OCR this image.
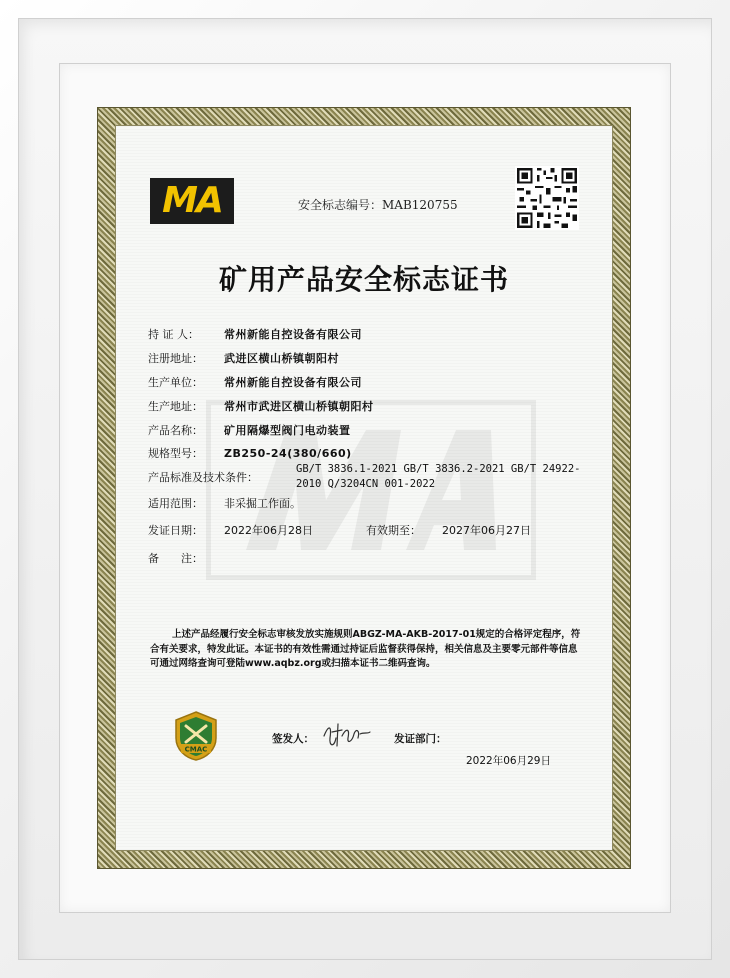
MA	安全标志编号：MAB120755
矿用产品安全标志证书
持 证 人： 常州新能自控设备有限公司
注册地址： 武进区横山桥镇朝阳村
生产单位： 常州新能自控设备有限公司
生产地址： 常州市武进区横山桥镇朝阳村
产品名称： 矿用隔爆型阀门电动装置
规格型号： ZB250-24(380/660)
产品标准及技术条件：
GB/T 3836.1-2021 GB/T 3836.2-2021 GB/T 24922-2010 Q/3204CN 001-2022
适用范围： 非采掘工作面。
发证日期： 2022年06月28日	有效期至： 2027年06月27日
备　　注：
上述产品经履行安全标志审核发放实施规则ABGZ-MA-AKB-2017-01规定的合格评定程序，符合有关要求，特发此证。本证书的有效性需通过持证后监督获得保持，相关信息及主要零元部件等信息可通过网络查询可登陆www.aqbz.org或扫描本证书二维码查询。
CMAC
签发人：	发证部门：
2022年06月29日
